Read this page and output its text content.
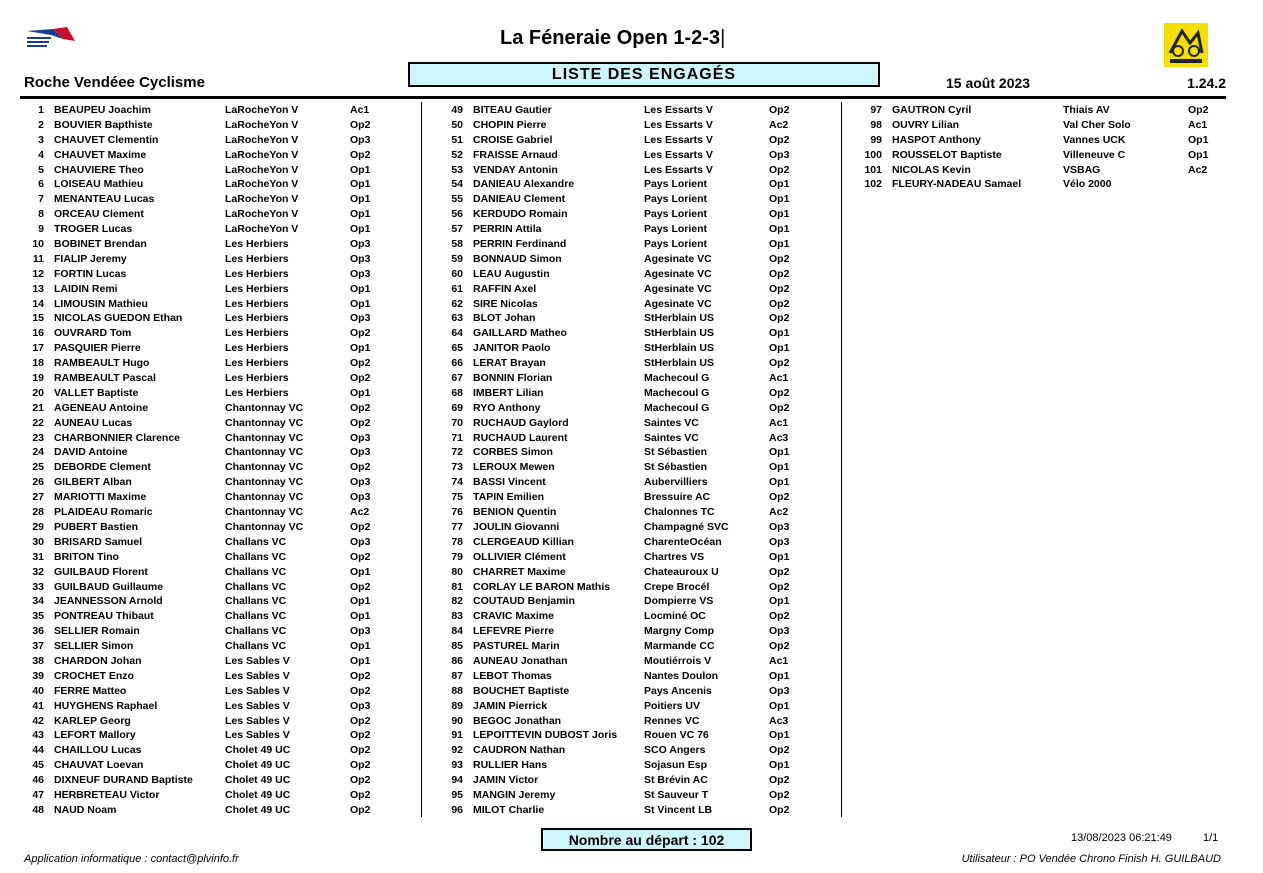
La Féneraie Open 1-2-3|
Roche Vendéee Cyclisme	LISTE DES ENGAGÉS	15 août 2023	1.24.2
1 BEAUPEU Joachim	LaRocheYon V	Ac1
2 BOUVIER Bapthiste	LaRocheYon V	Op2
3 CHAUVET Clementin	LaRocheYon V	Op3
4 CHAUVET Maxime	LaRocheYon V	Op2
5 CHAUVIERE Theo	LaRocheYon V	Op1
6 LOISEAU Mathieu	LaRocheYon V	Op1
7 MENANTEAU Lucas	LaRocheYon V	Op1
8 ORCEAU Clement	LaRocheYon V	Op1
9 TROGER Lucas	LaRocheYon V	Op1
10 BOBINET Brendan	Les Herbiers	Op3
11 FIALIP Jeremy	Les Herbiers	Op3
12 FORTIN Lucas	Les Herbiers	Op3
13 LAIDIN Remi	Les Herbiers	Op1
14 LIMOUSIN Mathieu	Les Herbiers	Op1
15 NICOLAS GUEDON Ethan	Les Herbiers	Op3
16 OUVRARD Tom	Les Herbiers	Op2
17 PASQUIER Pierre	Les Herbiers	Op1
18 RAMBEAULT Hugo	Les Herbiers	Op2
19 RAMBEAULT Pascal	Les Herbiers	Op2
20 VALLET Baptiste	Les Herbiers	Op1
21 AGENEAU Antoine	Chantonnay VC	Op2
22 AUNEAU Lucas	Chantonnay VC	Op2
23 CHARBONNIER Clarence	Chantonnay VC	Op3
24 DAVID Antoine	Chantonnay VC	Op3
25 DEBORDE Clement	Chantonnay VC	Op2
26 GILBERT Alban	Chantonnay VC	Op3
27 MARIOTTI Maxime	Chantonnay VC	Op3
28 PLAIDEAU Romaric	Chantonnay VC	Ac2
29 PUBERT Bastien	Chantonnay VC	Op2
30 BRISARD Samuel	Challans VC	Op3
31 BRITON Tino	Challans VC	Op2
32 GUILBAUD Florent	Challans VC	Op1
33 GUILBAUD Guillaume	Challans VC	Op2
34 JEANNESSON Arnold	Challans VC	Op1
35 PONTREAU Thibaut	Challans VC	Op1
36 SELLIER Romain	Challans VC	Op3
37 SELLIER Simon	Challans VC	Op1
38 CHARDON Johan	Les Sables V	Op1
39 CROCHET Enzo	Les Sables V	Op2
40 FERRE Matteo	Les Sables V	Op2
41 HUYGHENS Raphael	Les Sables V	Op3
42 KARLEP Georg	Les Sables V	Op2
43 LEFORT Mallory	Les Sables V	Op2
44 CHAILLOU Lucas	Cholet 49 UC	Op2
45 CHAUVAT Loevan	Cholet 49 UC	Op2
46 DIXNEUF DURAND Baptiste	Cholet 49 UC	Op2
47 HERBRETEAU Victor	Cholet 49 UC	Op2
48 NAUD Noam	Cholet 49 UC	Op2
49 BITEAU Gautier	Les Essarts V	Op2
50 CHOPIN Pierre	Les Essarts V	Ac2
51 CROISE Gabriel	Les Essarts V	Op2
52 FRAISSE Arnaud	Les Essarts V	Op3
53 VENDAY Antonin	Les Essarts V	Op2
54 DANIEAU Alexandre	Pays Lorient	Op1
55 DANIEAU Clement	Pays Lorient	Op1
56 KERDUDO Romain	Pays Lorient	Op1
57 PERRIN Attila	Pays Lorient	Op1
58 PERRIN Ferdinand	Pays Lorient	Op1
59 BONNAUD Simon	Agesinate VC	Op2
60 LEAU Augustin	Agesinate VC	Op2
61 RAFFIN Axel	Agesinate VC	Op2
62 SIRE Nicolas	Agesinate VC	Op2
63 BLOT Johan	StHerblain US	Op2
64 GAILLARD Matheo	StHerblain US	Op1
65 JANITOR Paolo	StHerblain US	Op1
66 LERAT Brayan	StHerblain US	Op2
67 BONNIN Florian	Machecoul G	Ac1
68 IMBERT Lilian	Machecoul G	Op2
69 RYO Anthony	Machecoul G	Op2
70 RUCHAUD Gaylord	Saintes VC	Ac1
71 RUCHAUD Laurent	Saintes VC	Ac3
72 CORBES Simon	St Sébastien	Op1
73 LEROUX Mewen	St Sébastien	Op1
74 BASSI Vincent	Aubervilliers	Op1
75 TAPIN Emilien	Bressuire AC	Op2
76 BENION Quentin	Chalonnes TC	Ac2
77 JOULIN Giovanni	Champagné SVC	Op3
78 CLERGEAUD Killian	CharenteOcéan	Op3
79 OLLIVIER Clément	Chartres VS	Op1
80 CHARRET Maxime	Chateauroux U	Op2
81 CORLAY LE BARON Mathis	Crepe Brocél	Op2
82 COUTAUD Benjamin	Dompierre VS	Op1
83 CRAVIC Maxime	Locminé OC	Op2
84 LEFEVRE Pierre	Margny Comp	Op3
85 PASTUREL Marin	Marmande CC	Op2
86 AUNEAU Jonathan	Moutiérrois V	Ac1
87 LEBOT Thomas	Nantes Doulon	Op1
88 BOUCHET Baptiste	Pays Ancenis	Op3
89 JAMIN Pierrick	Poitiers UV	Op1
90 BEGOC Jonathan	Rennes VC	Ac3
91 LEPOITTEVIN DUBOST Joris	Rouen VC 76	Op1
92 CAUDRON Nathan	SCO Angers	Op2
93 RULLIER Hans	Sojasun Esp	Op1
94 JAMIN Victor	St Brévin AC	Op2
95 MANGIN Jeremy	St Sauveur T	Op2
96 MILOT Charlie	St Vincent LB	Op2
97 GAUTRON Cyril	Thiais AV	Op2
98 OUVRY Lilian	Val Cher Solo	Ac1
99 HASPOT Anthony	Vannes UCK	Op1
100 ROUSSELOT Baptiste	Villeneuve C	Op1
101 NICOLAS Kevin	VSBAG	Ac2
102 FLEURY-NADEAU Samael	Vélo 2000
Nombre au départ : 102	13/08/2023 06:21:49	1/1
Application informatique : contact@plvinfo.fr	Utilisateur : PO Vendée Chrono Finish H. GUILBAUD
